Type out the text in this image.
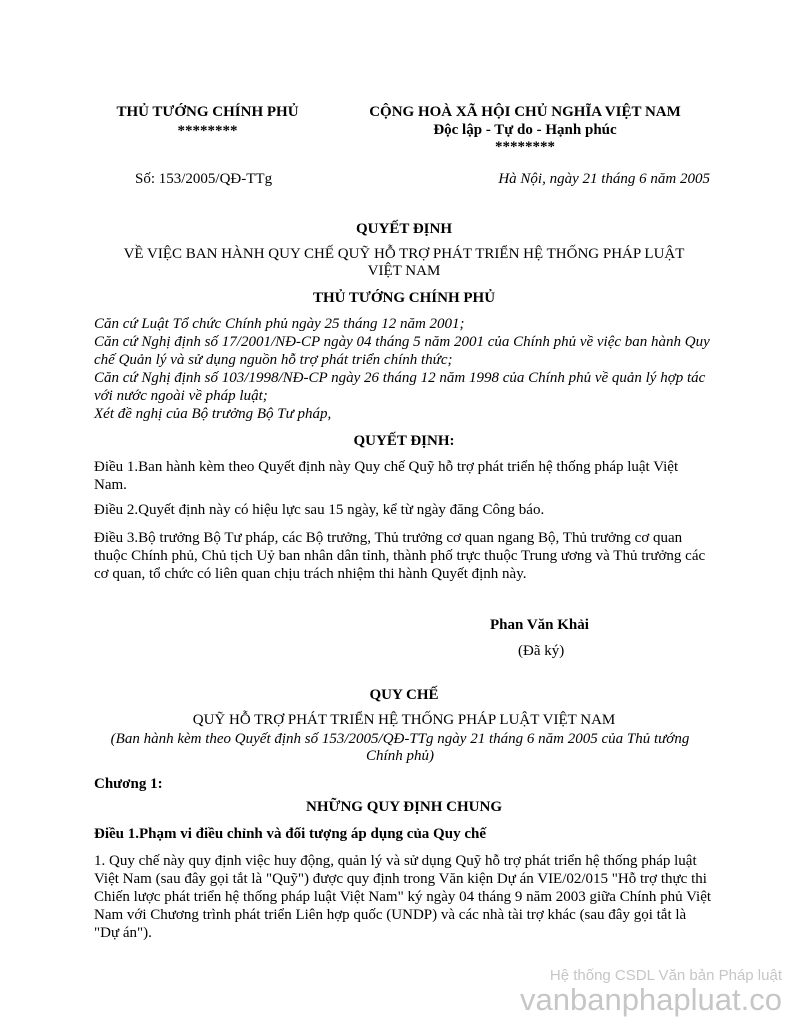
THỦ TƯỚNG CHÍNH PHỦ
********
CỘNG HOÀ XÃ HỘI CHỦ NGHĨA VIỆT NAM
Độc lập - Tự do - Hạnh phúc
********
Số: 153/2005/QĐ-TTg	Hà Nội, ngày 21 tháng 6 năm 2005
QUYẾT ĐỊNH
VỀ VIỆC BAN HÀNH QUY CHẾ QUỸ HỖ TRỢ PHÁT TRIỂN HỆ THỐNG PHÁP LUẬT
VIỆT NAM
THỦ TƯỚNG CHÍNH PHỦ
Căn cứ Luật Tổ chức Chính phủ ngày 25 tháng 12 năm 2001;
Căn cứ Nghị định số 17/2001/NĐ-CP ngày 04 tháng 5 năm 2001 của Chính phủ về việc ban hành Quy chế Quản lý và sử dụng nguồn hỗ trợ phát triển chính thức;
Căn cứ Nghị định số 103/1998/NĐ-CP ngày 26 tháng 12 năm 1998 của Chính phủ về quản lý hợp tác với nước ngoài về pháp luật;
Xét đề nghị của Bộ trưởng Bộ Tư pháp,
QUYẾT ĐỊNH:
Điều 1.Ban hành kèm theo Quyết định này Quy chế Quỹ hỗ trợ phát triển hệ thống pháp luật Việt Nam.
Điều 2.Quyết định này có hiệu lực sau 15 ngày, kể từ ngày đăng Công báo.
Điều 3.Bộ trưởng Bộ Tư pháp, các Bộ trưởng, Thủ trưởng cơ quan ngang Bộ, Thủ trưởng cơ quan thuộc Chính phủ, Chủ tịch Uỷ ban nhân dân tỉnh, thành phố trực thuộc Trung ương và Thủ trưởng các cơ quan, tổ chức có liên quan chịu trách nhiệm thi hành Quyết định này.
Phan Văn Khải
(Đã ký)
QUY CHẾ
QUỸ HỖ TRỢ PHÁT TRIỂN HỆ THỐNG PHÁP LUẬT VIỆT NAM
(Ban hành kèm theo Quyết định số 153/2005/QĐ-TTg ngày 21 tháng 6 năm 2005 của Thủ tướng
Chính phủ)
Chương 1:
NHỮNG QUY ĐỊNH CHUNG
Điều 1.Phạm vi điều chỉnh và đối tượng áp dụng của Quy chế
1. Quy chế này quy định việc huy động, quản lý và sử dụng Quỹ hỗ trợ phát triển hệ thống pháp luật Việt Nam (sau đây gọi tắt là "Quỹ") được quy định trong Văn kiện Dự án VIE/02/015 "Hỗ trợ thực thi Chiến lược phát triển hệ thống pháp luật Việt Nam" ký ngày 04 tháng 9 năm 2003 giữa Chính phủ Việt Nam với Chương trình phát triển Liên hợp quốc (UNDP) và các nhà tài trợ khác (sau đây gọi tắt là "Dự án").
Hệ thống CSDL Văn bản Pháp luật
vanbanphapluat.co
